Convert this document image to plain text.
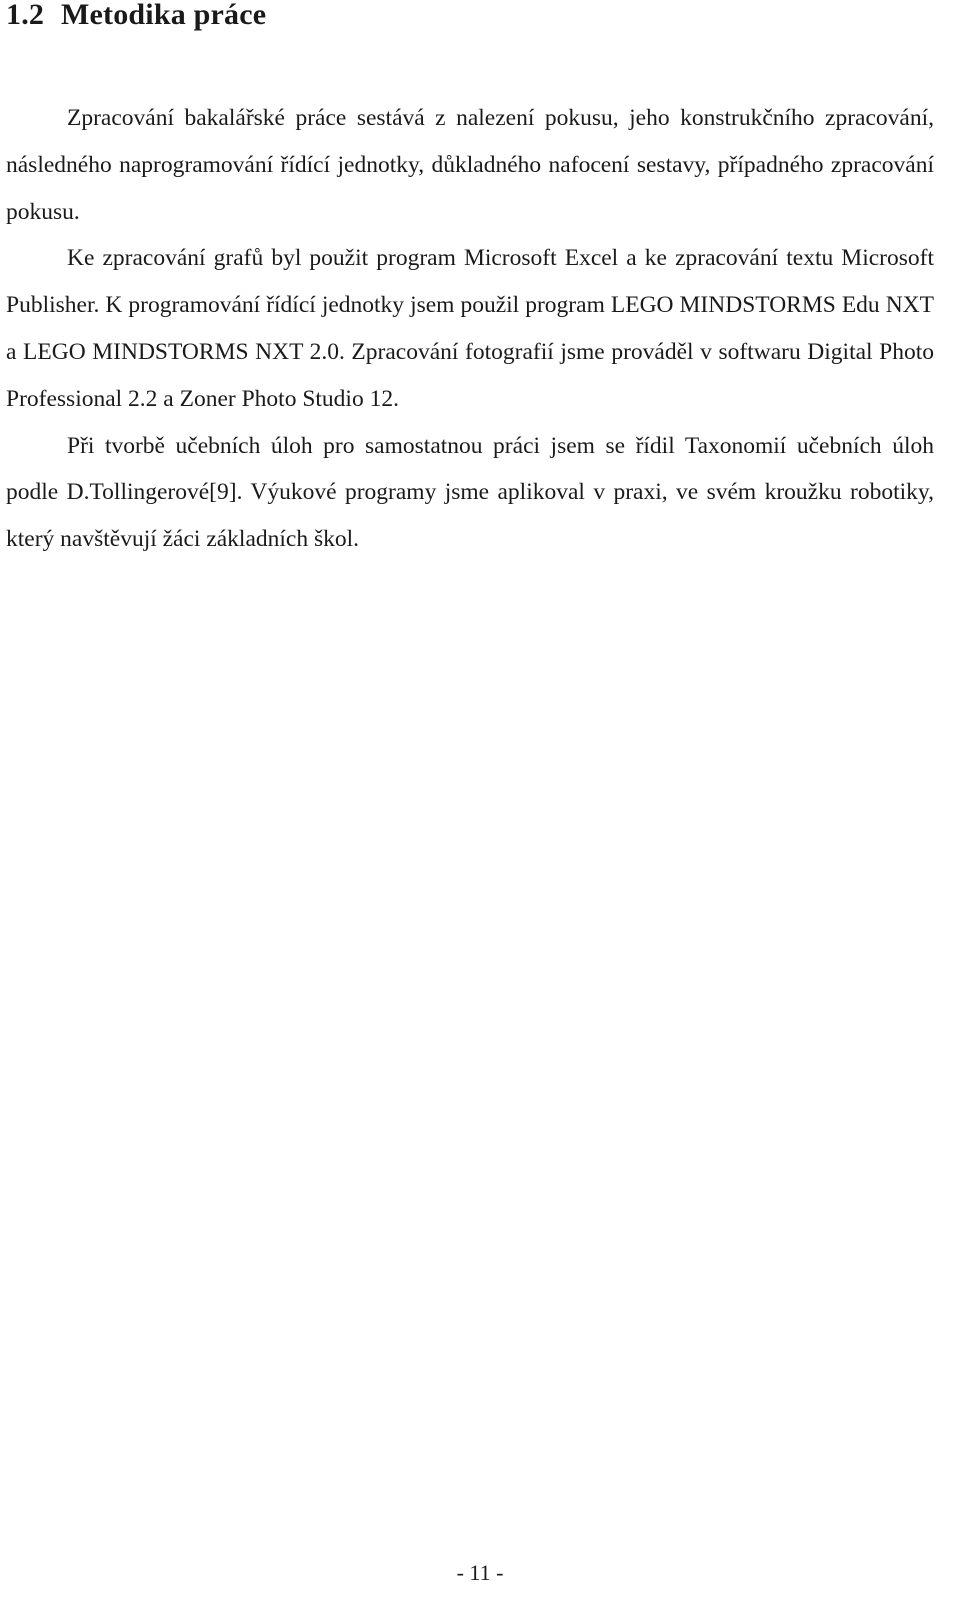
1.2 Metodika práce

Zpracování bakalářské práce sestává z nalezení pokusu, jeho konstrukčního zpracování, následného naprogramování řídící jednotky, důkladného nafocení sestavy, případného zpracování pokusu.

Ke zpracování grafů byl použit program Microsoft Excel a ke zpracování textu Microsoft Publisher. K programování řídící jednotky jsem použil program LEGO MINDSTORMS Edu NXT a LEGO MINDSTORMS NXT 2.0. Zpracování fotografií jsme prováděl v softwaru Digital Photo Professional 2.2 a Zoner Photo Studio 12.

Při tvorbě učebních úloh pro samostatnou práci jsem se řídil Taxonomií učebních úloh podle D.Tollingerové[9]. Výukové programy jsme aplikoval v praxi, ve svém kroužku robotiky, který navštěvují žáci základních škol.

- 11 -
